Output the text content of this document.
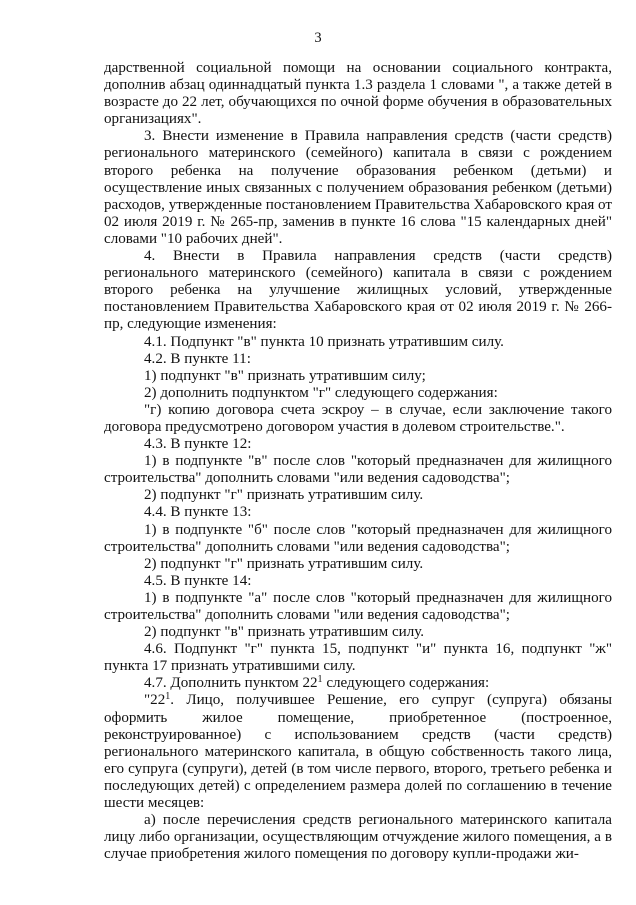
3

дарственной социальной помощи на основании социального контракта, дополнив абзац одиннадцатый пункта 1.3 раздела 1 словами ", а также детей в возрасте до 22 лет, обучающихся по очной форме обучения в образовательных организациях".

3. Внести изменение в Правила направления средств (части средств) регионального материнского (семейного) капитала в связи с рождением второго ребенка на получение образования ребенком (детьми) и осуществление иных связанных с получением образования ребенком (детьми) расходов, утвержденные постановлением Правительства Хабаровского края от 02 июля 2019 г. № 265-пр, заменив в пункте 16 слова "15 календарных дней" словами "10 рабочих дней".

4. Внести в Правила направления средств (части средств) регионального материнского (семейного) капитала в связи с рождением второго ребенка на улучшение жилищных условий, утвержденные постановлением Правительства Хабаровского края от 02 июля 2019 г. № 266-пр, следующие изменения:

4.1. Подпункт "в" пункта 10 признать утратившим силу.

4.2. В пункте 11:

1) подпункт "в" признать утратившим силу;

2) дополнить подпунктом "г" следующего содержания:

"г) копию договора счета эскроу – в случае, если заключение такого договора предусмотрено договором участия в долевом строительстве.".

4.3. В пункте 12:

1) в подпункте "в" после слов "который предназначен для жилищного строительства" дополнить словами "или ведения садоводства";

2) подпункт "г" признать утратившим силу.

4.4. В пункте 13:

1) в подпункте "б" после слов "который предназначен для жилищного строительства" дополнить словами "или ведения садоводства";

2) подпункт "г" признать утратившим силу.

4.5. В пункте 14:

1) в подпункте "а" после слов "который предназначен для жилищного строительства" дополнить словами "или ведения садоводства";

2) подпункт "в" признать утратившим силу.

4.6. Подпункт "г" пункта 15, подпункт "и" пункта 16, подпункт "ж" пункта 17 признать утратившими силу.

4.7. Дополнить пунктом $22^1$ следующего содержания:

"$22^1$. Лицо, получившее Решение, его супруг (супруга) обязаны оформить жилое помещение, приобретенное (построенное, реконструированное) с использованием средств (части средств) регионального материнского капитала, в общую собственность такого лица, его супруга (супруги), детей (в том числе первого, второго, третьего ребенка и последующих детей) с определением размера долей по соглашению в течение шести месяцев:

а) после перечисления средств регионального материнского капитала лицу либо организации, осуществляющим отчуждение жилого помещения, а в случае приобретения жилого помещения по договору купли-продажи жи-
